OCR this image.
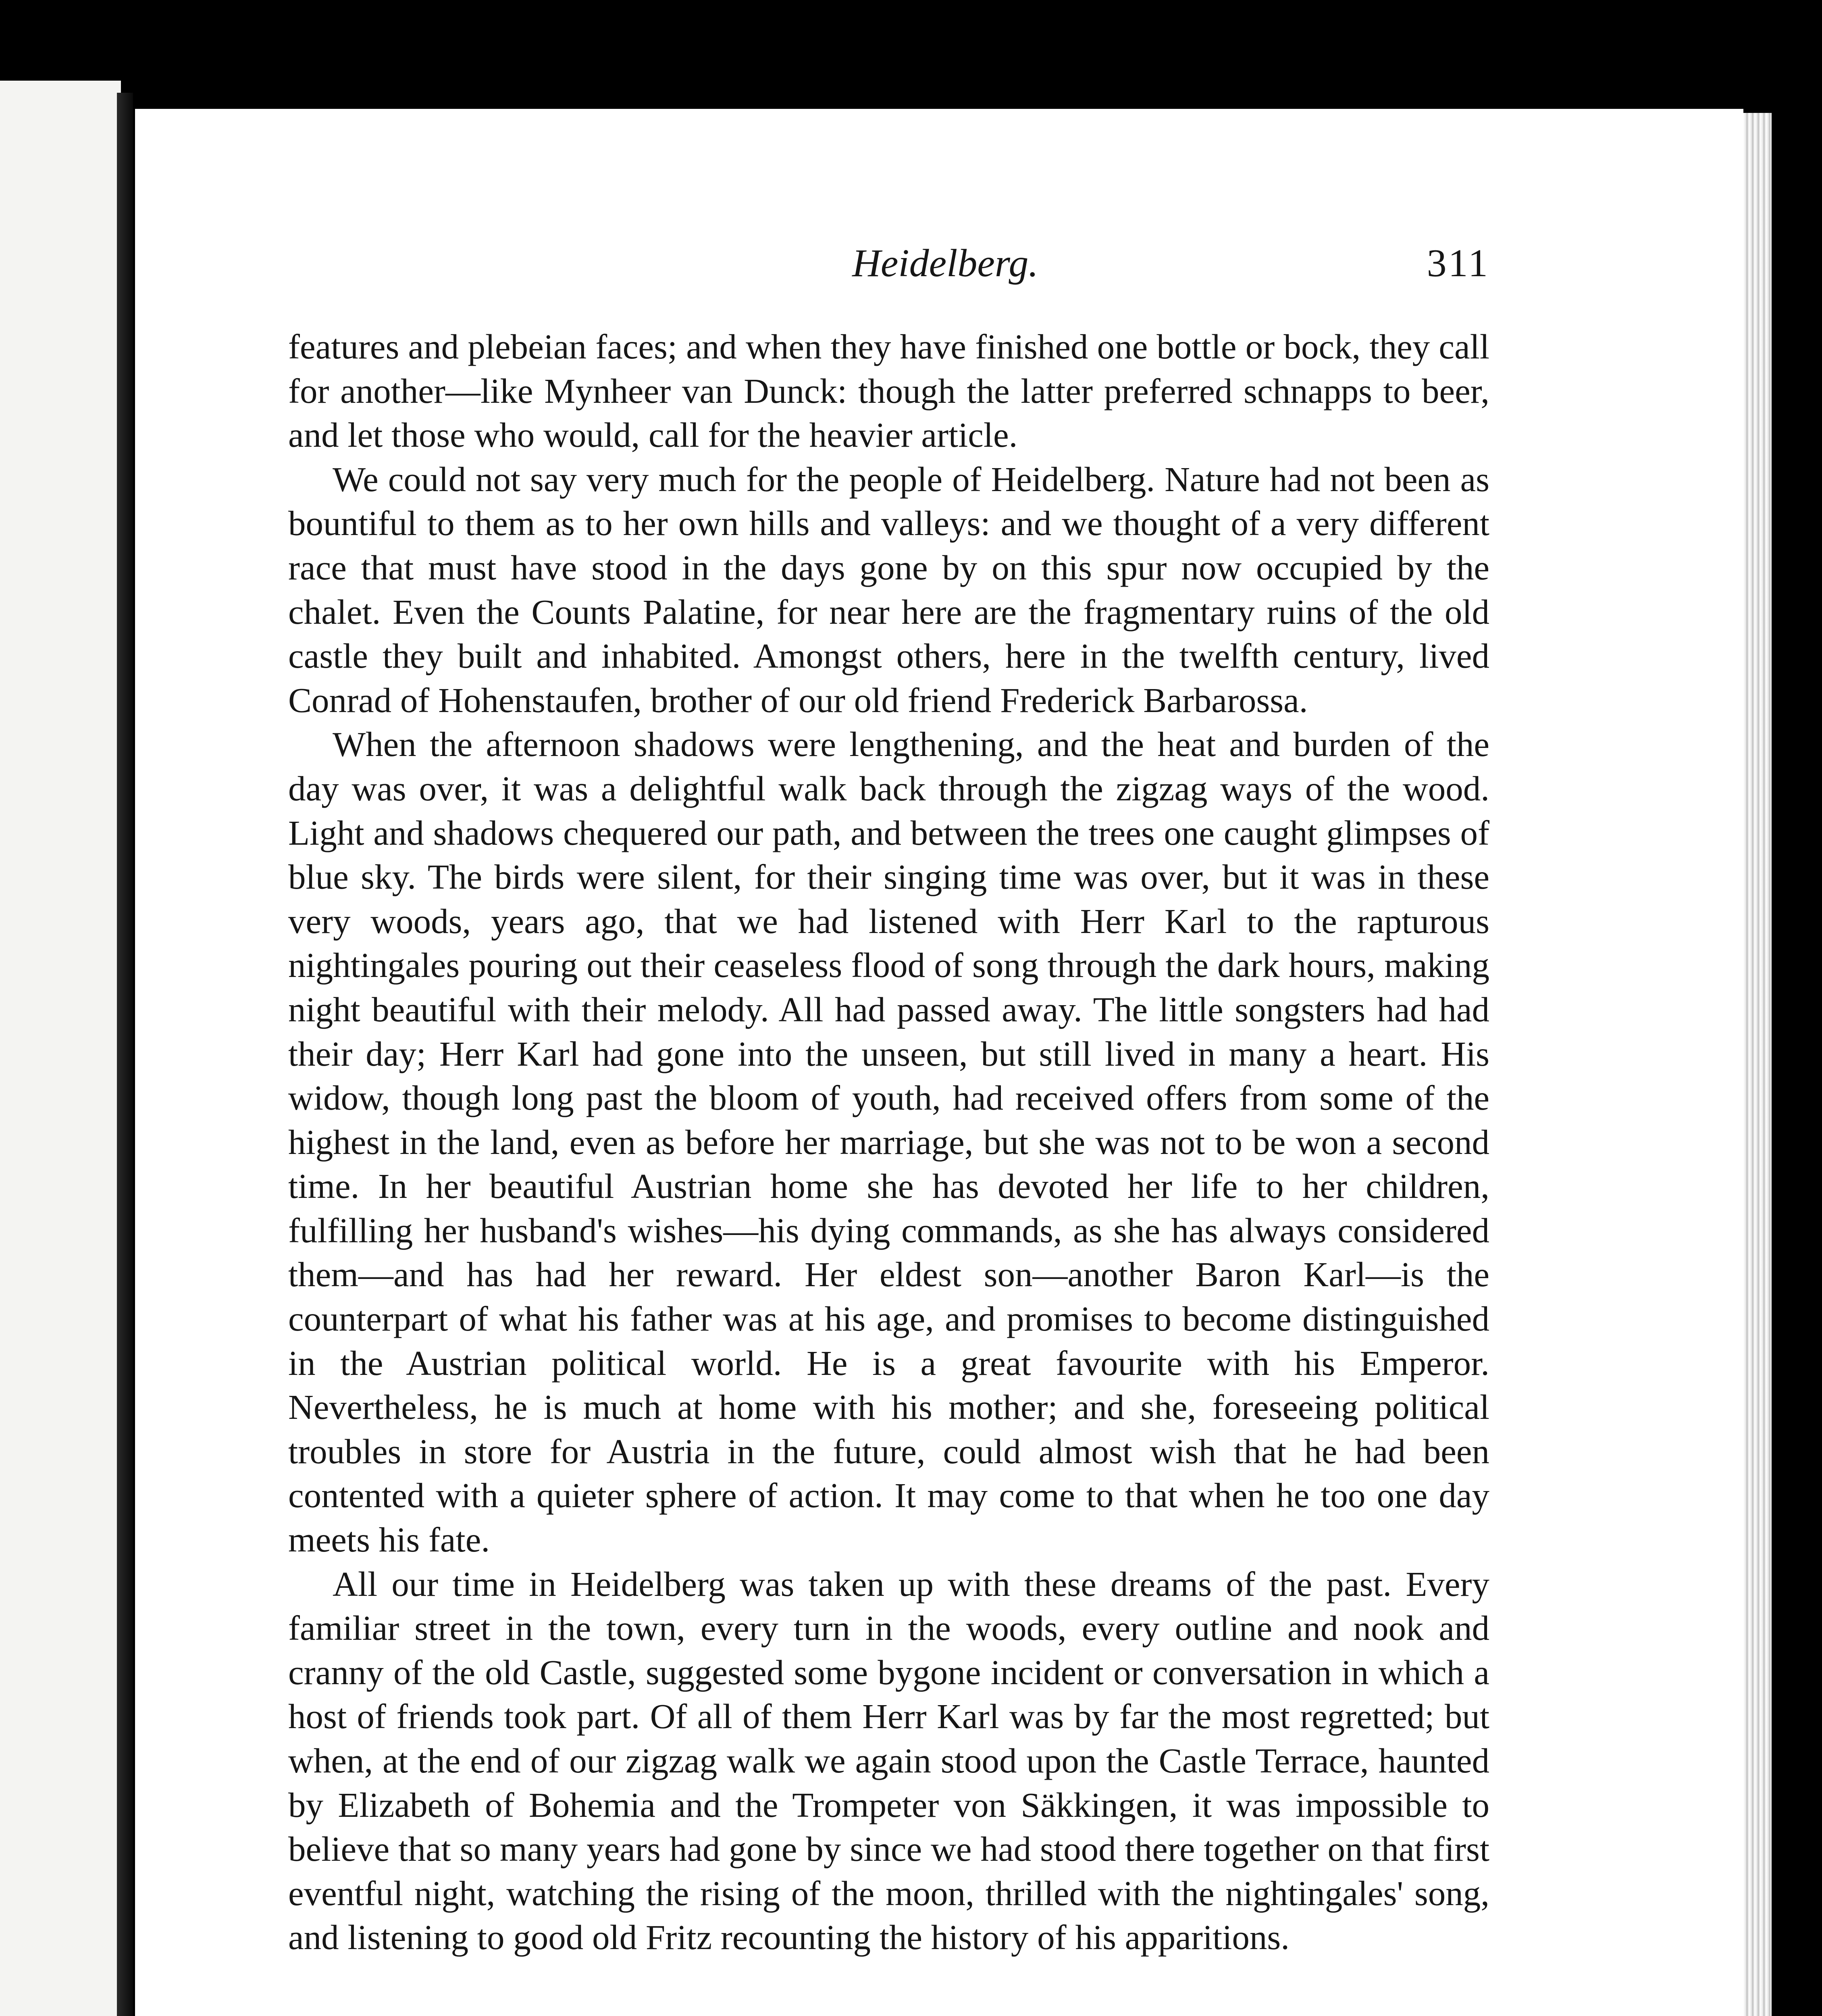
Heidelberg.	311

features and plebeian faces; and when they have finished one bottle or bock, they call for another—like Mynheer van Dunck: though the latter preferred schnapps to beer, and let those who would, call for the heavier article.

We could not say very much for the people of Heidelberg. Nature had not been as bountiful to them as to her own hills and valleys: and we thought of a very different race that must have stood in the days gone by on this spur now occupied by the chalet. Even the Counts Palatine, for near here are the fragmentary ruins of the old castle they built and inhabited. Amongst others, here in the twelfth century, lived Conrad of Hohenstaufen, brother of our old friend Frederick Barbarossa.

When the afternoon shadows were lengthening, and the heat and burden of the day was over, it was a delightful walk back through the zigzag ways of the wood. Light and shadows chequered our path, and between the trees one caught glimpses of blue sky. The birds were silent, for their singing time was over, but it was in these very woods, years ago, that we had listened with Herr Karl to the rapturous nightingales pouring out their ceaseless flood of song through the dark hours, making night beautiful with their melody. All had passed away. The little songsters had had their day; Herr Karl had gone into the unseen, but still lived in many a heart. His widow, though long past the bloom of youth, had received offers from some of the highest in the land, even as before her marriage, but she was not to be won a second time. In her beautiful Austrian home she has devoted her life to her children, fulfilling her husband's wishes—his dying commands, as she has always considered them—and has had her reward. Her eldest son—another Baron Karl—is the counterpart of what his father was at his age, and promises to become distinguished in the Austrian political world. He is a great favourite with his Emperor. Nevertheless, he is much at home with his mother; and she, foreseeing political troubles in store for Austria in the future, could almost wish that he had been contented with a quieter sphere of action. It may come to that when he too one day meets his fate.

All our time in Heidelberg was taken up with these dreams of the past. Every familiar street in the town, every turn in the woods, every outline and nook and cranny of the old Castle, suggested some bygone incident or conversation in which a host of friends took part. Of all of them Herr Karl was by far the most regretted; but when, at the end of our zigzag walk we again stood upon the Castle Terrace, haunted by Elizabeth of Bohemia and the Trompeter von Säkkingen, it was impossible to believe that so many years had gone by since we had stood there together on that first eventful night, watching the rising of the moon, thrilled with the nightingales' song, and listening to good old Fritz recounting the history of his apparitions.
